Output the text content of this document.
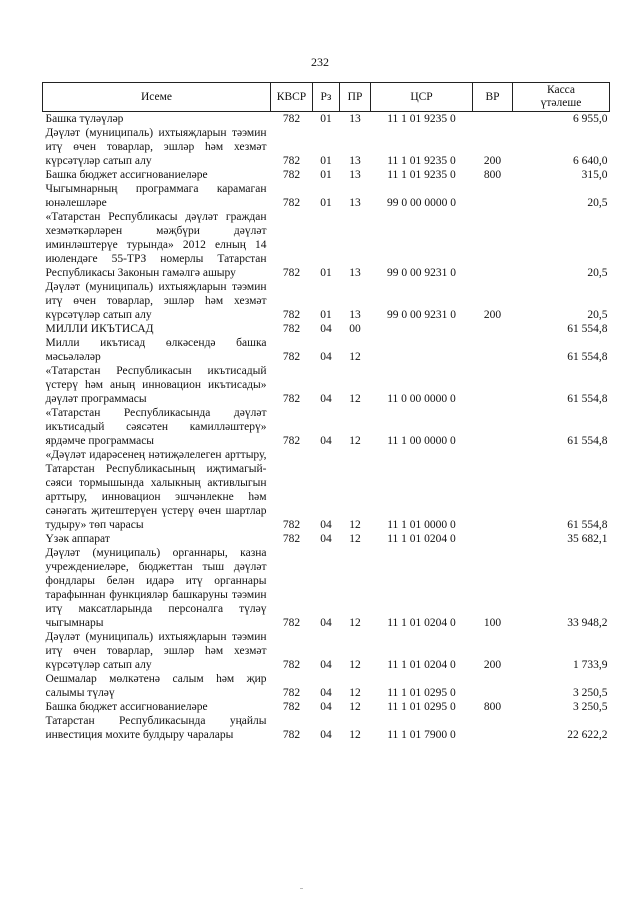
232
Исеме	КВСР	Рз	ПР	ЦСР	ВР	Касса
үтәлеше
Башка түләүләр	782	01	13	11 1 01 9235 0		6 955,0
Дәүләт (муниципаль) ихтыяҗларын тәэмин итү өчен товарлар, эшләр һәм хезмәт күрсәтүләр сатып алу	782	01	13	11 1 01 9235 0	200	6 640,0
Башка бюджет ассигнованиеләре	782	01	13	11 1 01 9235 0	800	315,0
Чыгымнарның программага карамаган юнәлешләре	782	01	13	99 0 00 0000 0		20,5
«Татарстан Республикасы дәүләт граждан хезмәткәрләрен мәҗбүри дәүләт иминләштерүе турында» 2012 елның 14 июлендәге 55-ТРЗ номерлы Татарстан Республикасы Законын гамәлгә ашыру	782	01	13	99 0 00 9231 0		20,5
Дәүләт (муниципаль) ихтыяҗларын тәэмин итү өчен товарлар, эшләр һәм хезмәт күрсәтүләр сатып алу	782	01	13	99 0 00 9231 0	200	20,5
МИЛЛИ ИКЪТИСАД	782	04	00			61 554,8
Милли икътисад өлкәсендә башка мәсьәләләр	782	04	12			61 554,8
«Татарстан Республикасын икътисадый үстерү һәм аның инновацион икътисады» дәүләт программасы	782	04	12	11 0 00 0000 0		61 554,8
«Татарстан Республикасында дәүләт икътисадый сәясәтен камилләштерү» ярдәмче программасы	782	04	12	11 1 00 0000 0		61 554,8
«Дәүләт идарәсенең нәтиҗәлелеген арттыру, Татарстан Республикасының иҗтимагый-сәяси тормышында халыкның активлыгын арттыру, инновацион эшчәнлекне һәм сәнәгать җитештерүен үстерү өчен шартлар тудыру» төп чарасы	782	04	12	11 1 01 0000 0		61 554,8
Үзәк аппарат	782	04	12	11 1 01 0204 0		35 682,1
Дәүләт (муниципаль) органнары, казна учреждениеләре, бюджеттан тыш дәүләт фондлары белән идарә итү органнары тарафыннан функцияләр башкаруны тәэмин итү максатларында персоналга түләү чыгымнары	782	04	12	11 1 01 0204 0	100	33 948,2
Дәүләт (муниципаль) ихтыяҗларын тәэмин итү өчен товарлар, эшләр һәм хезмәт күрсәтүләр сатып алу	782	04	12	11 1 01 0204 0	200	1 733,9
Оешмалар мөлкәтенә салым һәм җир салымы түләү	782	04	12	11 1 01 0295 0		3 250,5
Башка бюджет ассигнованиеләре	782	04	12	11 1 01 0295 0	800	3 250,5
Татарстан Республикасында уңайлы инвестиция мохите булдыру чаралары	782	04	12	11 1 01 7900 0		22 622,2
